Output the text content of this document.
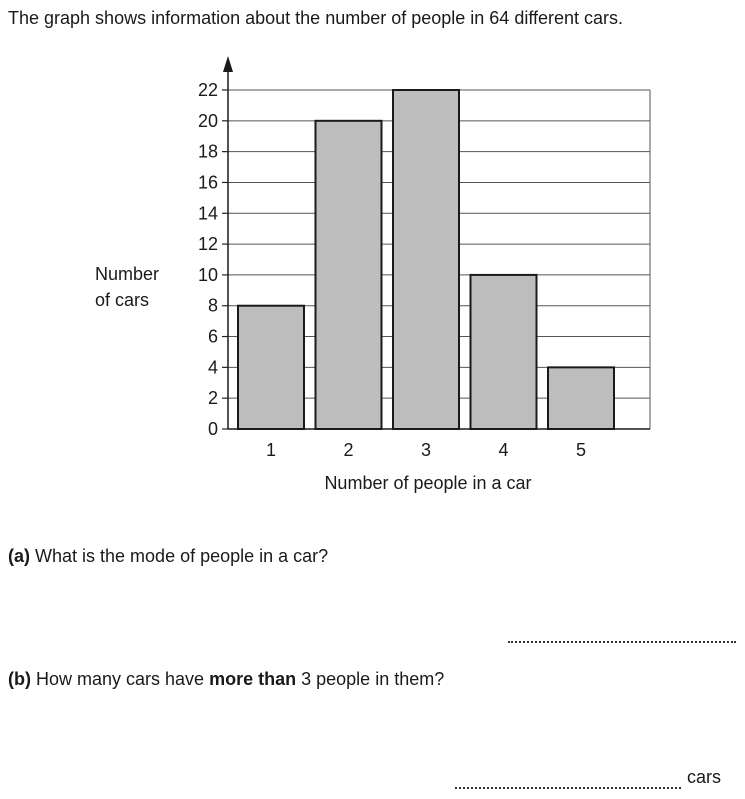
The graph shows information about the number of people in 64 different cars.
Number
of cars
0
2
4
6
8
10
12
14
16
18
20
22
1	2	3	4	5
Number of people in a car
(a) What is the mode of people in a car?
(b) How many cars have more than 3 people in them?
cars
